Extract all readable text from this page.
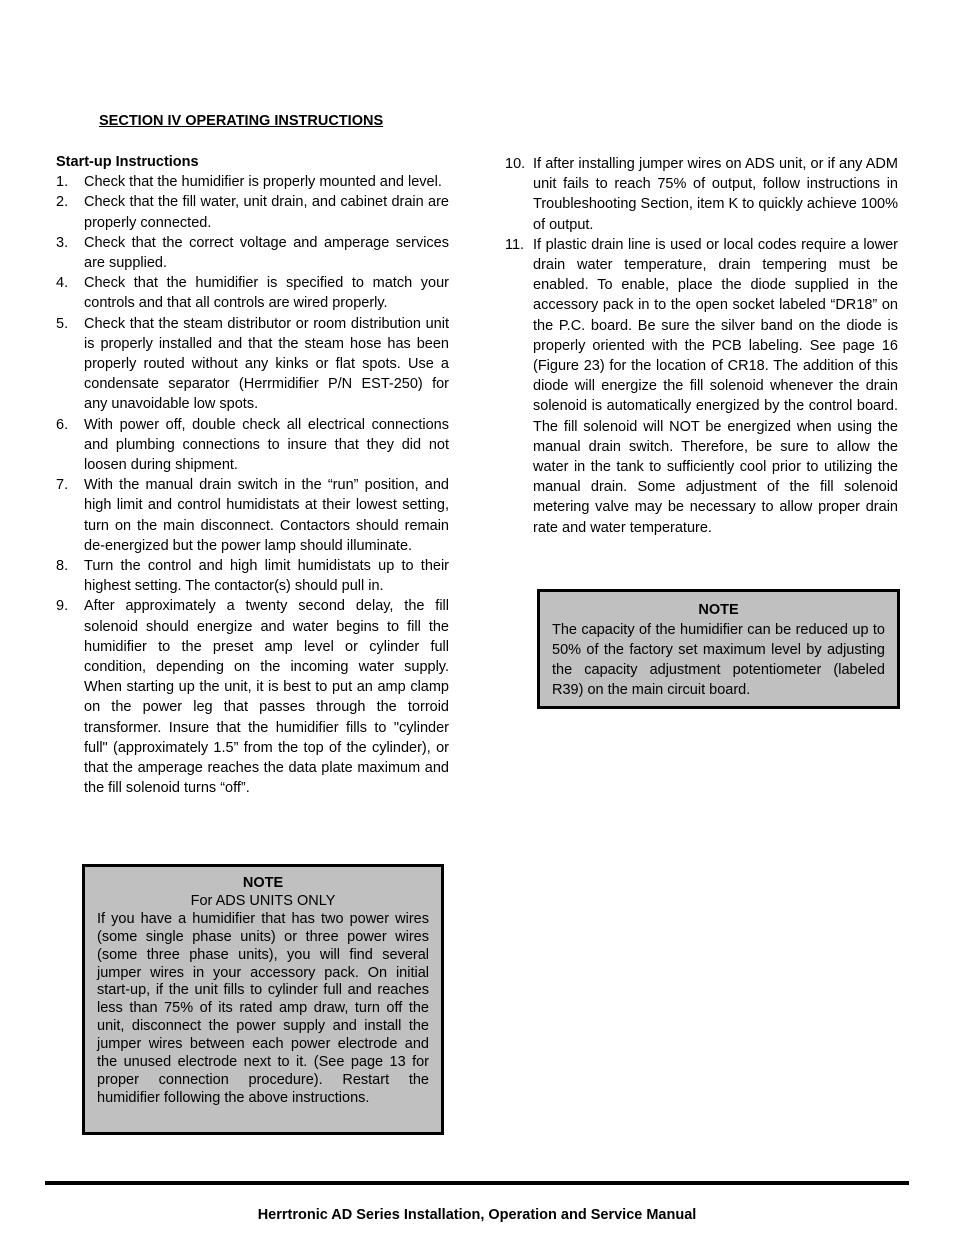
SECTION IV OPERATING INSTRUCTIONS
Start-up Instructions
1. Check that the humidifier is properly mounted and level.
2. Check that the fill water, unit drain, and cabinet drain are properly connected.
3. Check that the correct voltage and amperage services are supplied.
4. Check that the humidifier is specified to match your controls and that all controls are wired properly.
5. Check that the steam distributor or room distribution unit is properly installed and that the steam hose has been properly routed without any kinks or flat spots. Use a condensate separator (Herrmidifier P/N EST-250) for any unavoidable low spots.
6. With power off, double check all electrical connections and plumbing connections to insure that they did not loosen during shipment.
7. With the manual drain switch in the “run” position, and high limit and control humidistats at their lowest setting, turn on the main disconnect. Contactors should remain de-energized but the power lamp should illuminate.
8. Turn the control and high limit humidistats up to their highest setting. The contactor(s) should pull in.
9. After approximately a twenty second delay, the fill solenoid should energize and water begins to fill the humidifier to the preset amp level or cylinder full condition, depending on the incoming water supply. When starting up the unit, it is best to put an amp clamp on the power leg that passes through the torroid transformer. Insure that the humidifier fills to "cylinder full" (approximately 1.5” from the top of the cylinder), or that the amperage reaches the data plate maximum and the fill solenoid turns “off”.
10. If after installing jumper wires on ADS unit, or if any ADM unit fails to reach 75% of output, follow instructions in Troubleshooting Section, item K to quickly achieve 100% of output.
11. If plastic drain line is used or local codes require a lower drain water temperature, drain tempering must be enabled. To enable, place the diode supplied in the accessory pack in to the open socket labeled “DR18” on the P.C. board. Be sure the silver band on the diode is properly oriented with the PCB labeling. See page 16 (Figure 23) for the location of CR18. The addition of this diode will energize the fill solenoid whenever the drain solenoid is automatically energized by the control board. The fill solenoid will NOT be energized when using the manual drain switch. Therefore, be sure to allow the water in the tank to sufficiently cool prior to utilizing the manual drain. Some adjustment of the fill solenoid metering valve may be necessary to allow proper drain rate and water temperature.
NOTE
The capacity of the humidifier can be reduced up to 50% of the factory set maximum level by adjusting the capacity adjustment potentiometer (labeled R39) on the main circuit board.
NOTE
For ADS UNITS ONLY
If you have a humidifier that has two power wires (some single phase units) or three power wires (some three phase units), you will find several jumper wires in your accessory pack. On initial start-up, if the unit fills to cylinder full and reaches less than 75% of its rated amp draw, turn off the unit, disconnect the power supply and install the jumper wires between each power electrode and the unused electrode next to it. (See page 13 for proper connection procedure). Restart the humidifier following the above instructions.
Herrtronic AD Series Installation, Operation and Service Manual
